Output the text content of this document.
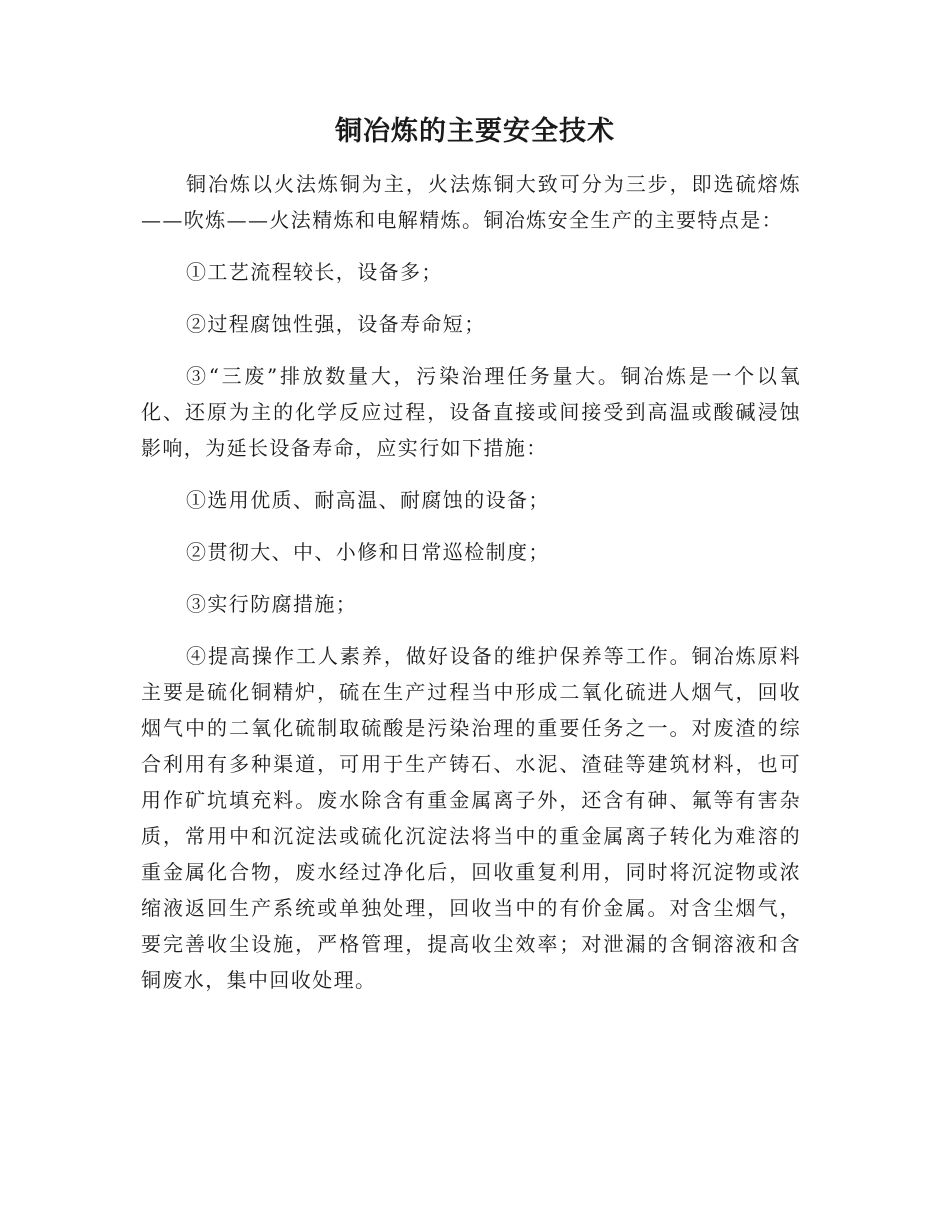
铜冶炼的主要安全技术

铜冶炼以火法炼铜为主，火法炼铜大致可分为三步，即选硫熔炼——吹炼——火法精炼和电解精炼。铜冶炼安全生产的主要特点是：

①工艺流程较长，设备多；

②过程腐蚀性强，设备寿命短；

③“三废”排放数量大，污染治理任务量大。铜冶炼是一个以氧化、还原为主的化学反应过程，设备直接或间接受到高温或酸碱浸蚀影响，为延长设备寿命，应实行如下措施：

①选用优质、耐高温、耐腐蚀的设备；

②贯彻大、中、小修和日常巡检制度；

③实行防腐措施；

④提高操作工人素养，做好设备的维护保养等工作。铜冶炼原料主要是硫化铜精炉，硫在生产过程当中形成二氧化硫进人烟气，回收烟气中的二氧化硫制取硫酸是污染治理的重要任务之一。对废渣的综合利用有多种渠道，可用于生产铸石、水泥、渣硅等建筑材料，也可用作矿坑填充料。废水除含有重金属离子外，还含有砷、氟等有害杂质，常用中和沉淀法或硫化沉淀法将当中的重金属离子转化为难溶的重金属化合物，废水经过净化后，回收重复利用，同时将沉淀物或浓缩液返回生产系统或单独处理，回收当中的有价金属。对含尘烟气，要完善收尘设施，严格管理，提高收尘效率；对泄漏的含铜溶液和含铜废水，集中回收处理。
